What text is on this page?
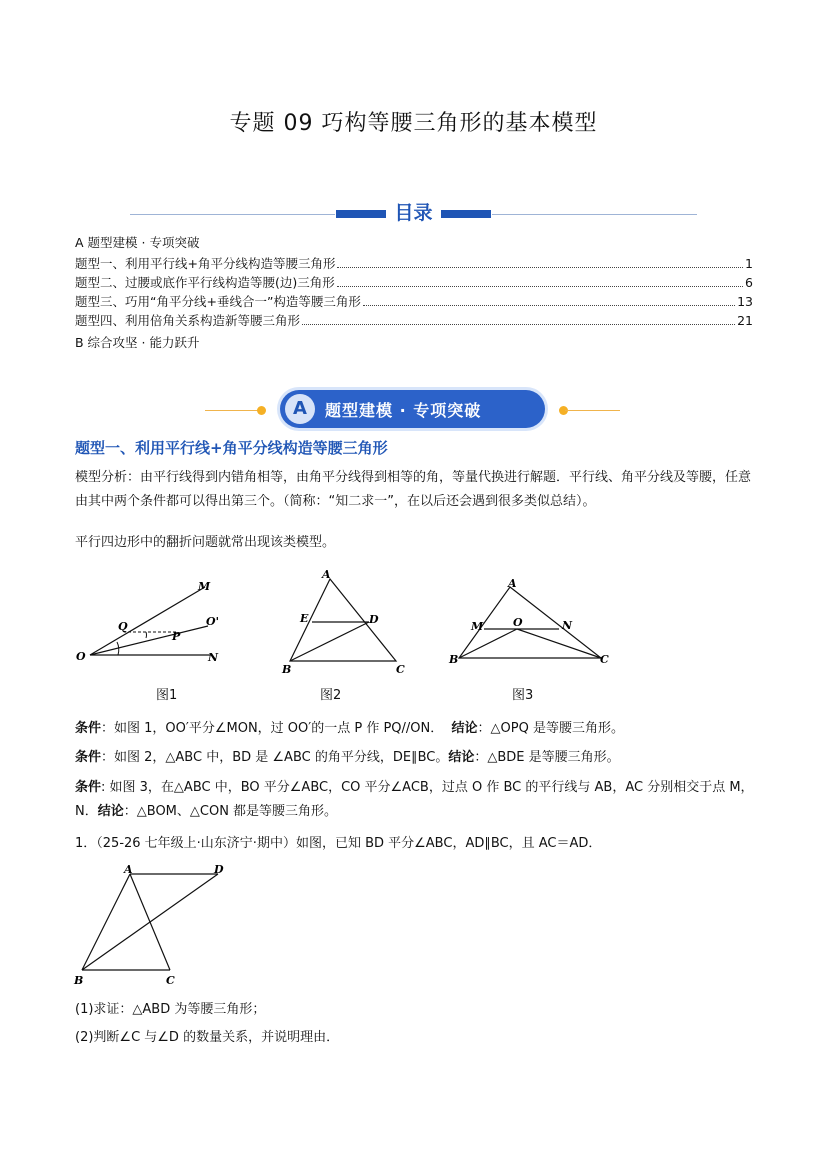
专题 09 巧构等腰三角形的基本模型
目录
A 题型建模 · 专项突破
题型一、利用平行线+角平分线构造等腰三角形	1
题型二、过腰或底作平行线构造等腰(边)三角形	6
题型三、巧用“角平分线+垂线合一”构造等腰三角形	13
题型四、利用倍角关系构造新等腰三角形	21
B 综合攻坚 · 能力跃升
A	题型建模 · 专项突破
题型一、利用平行线+角平分线构造等腰三角形
模型分析：由平行线得到内错角相等，由角平分线得到相等的角，等量代换进行解题．平行线、角平分线及等腰，任意由其中两个条件都可以得出第三个。（简称：“知二求一”，在以后还会遇到很多类似总结）。
平行四边形中的翻折问题就常出现该类模型。
M
Q	O'
P
O	N
A
E	D
B	C
A
M	O	N
B	C
图1	图2	图3
条件：如图 1，OO′平分∠MON，过 OO′的一点 P 作 PQ//ON． 结论：△OPQ 是等腰三角形。
条件：如图 2，△ABC 中，BD 是 ∠ABC 的角平分线，DE∥BC。结论：△BDE 是等腰三角形。
条件: 如图 3，在△ABC 中，BO 平分∠ABC，CO 平分∠ACB，过点 O 作 BC 的平行线与 AB，AC 分别相交于点 M，N．结论：△BOM、△CON 都是等腰三角形。
1．（25-26 七年级上·山东济宁·期中）如图，已知 BD 平分∠ABC，AD∥BC，且 AC＝AD．
A	D
B	C
(1)求证：△ABD 为等腰三角形；
(2)判断∠C 与∠D 的数量关系，并说明理由．
